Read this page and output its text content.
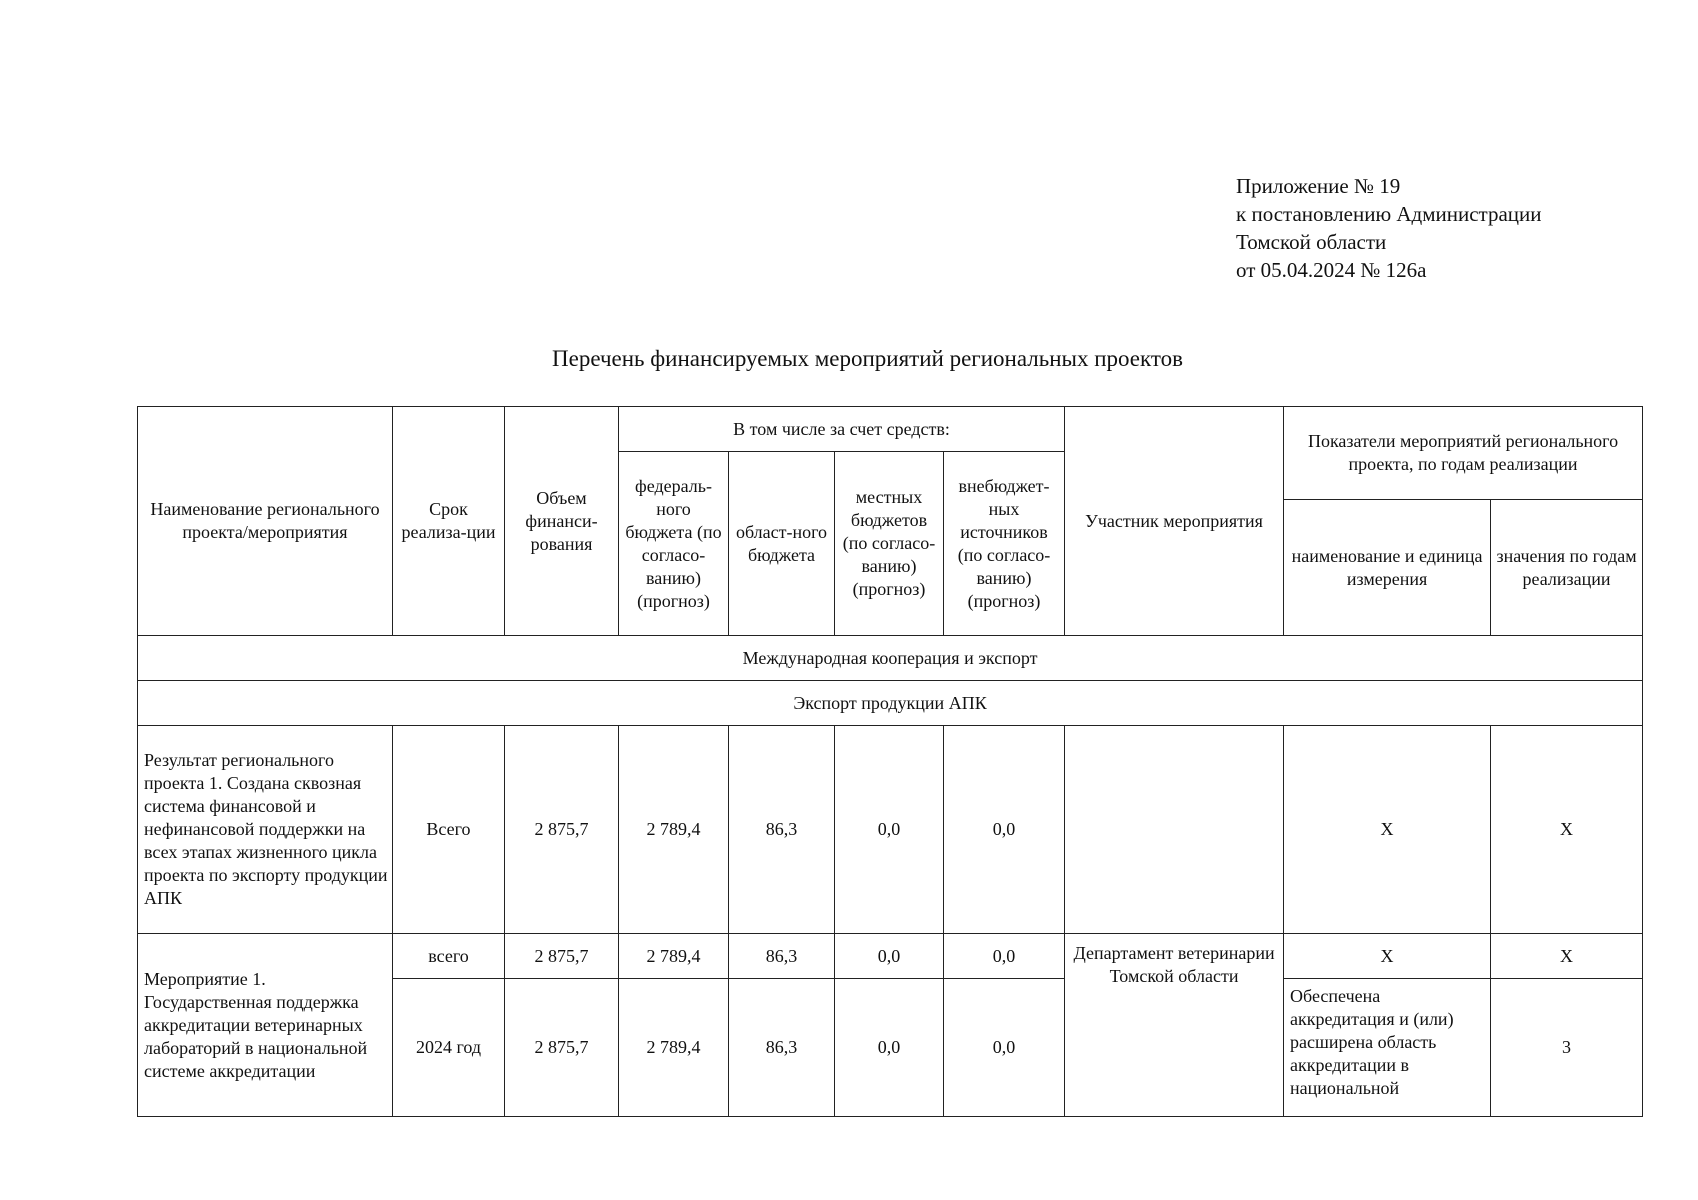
Приложение № 19
к постановлению Администрации
Томской области
от 05.04.2024 № 126а
Перечень финансируемых мероприятий региональных проектов
Наименование регионального проекта/мероприятия	Срок реализа-ции	Объем финанси-рования	В том числе за счет средств:				Участник мероприятия	Показатели мероприятий регионального проекта, по годам реализации	
			федераль-ного бюджета (по согласо-ванию) (прогноз)	област-ного бюджета	местных бюджетов (по согласо-ванию) (прогноз)	внебюджет-ных источников (по согласо-ванию) (прогноз)			
								наименование и единица измерения	значения по годам реализации
Международная кооперация и экспорт									
Экспорт продукции АПК									
Результат регионального проекта 1. Создана сквозная система финансовой и нефинансовой поддержки на всех этапах жизненного цикла проекта по экспорту продукции АПК	Всего	2 875,7	2 789,4	86,3	0,0	0,0		Х	Х
Мероприятие 1. Государственная поддержка аккредитации ветеринарных лабораторий в национальной системе аккредитации	всего	2 875,7	2 789,4	86,3	0,0	0,0	Департамент ветеринарии Томской области	Х	Х
	2024 год	2 875,7	2 789,4	86,3	0,0	0,0		Обеспечена аккредитация и (или) расширена область аккредитации в национальной	3
